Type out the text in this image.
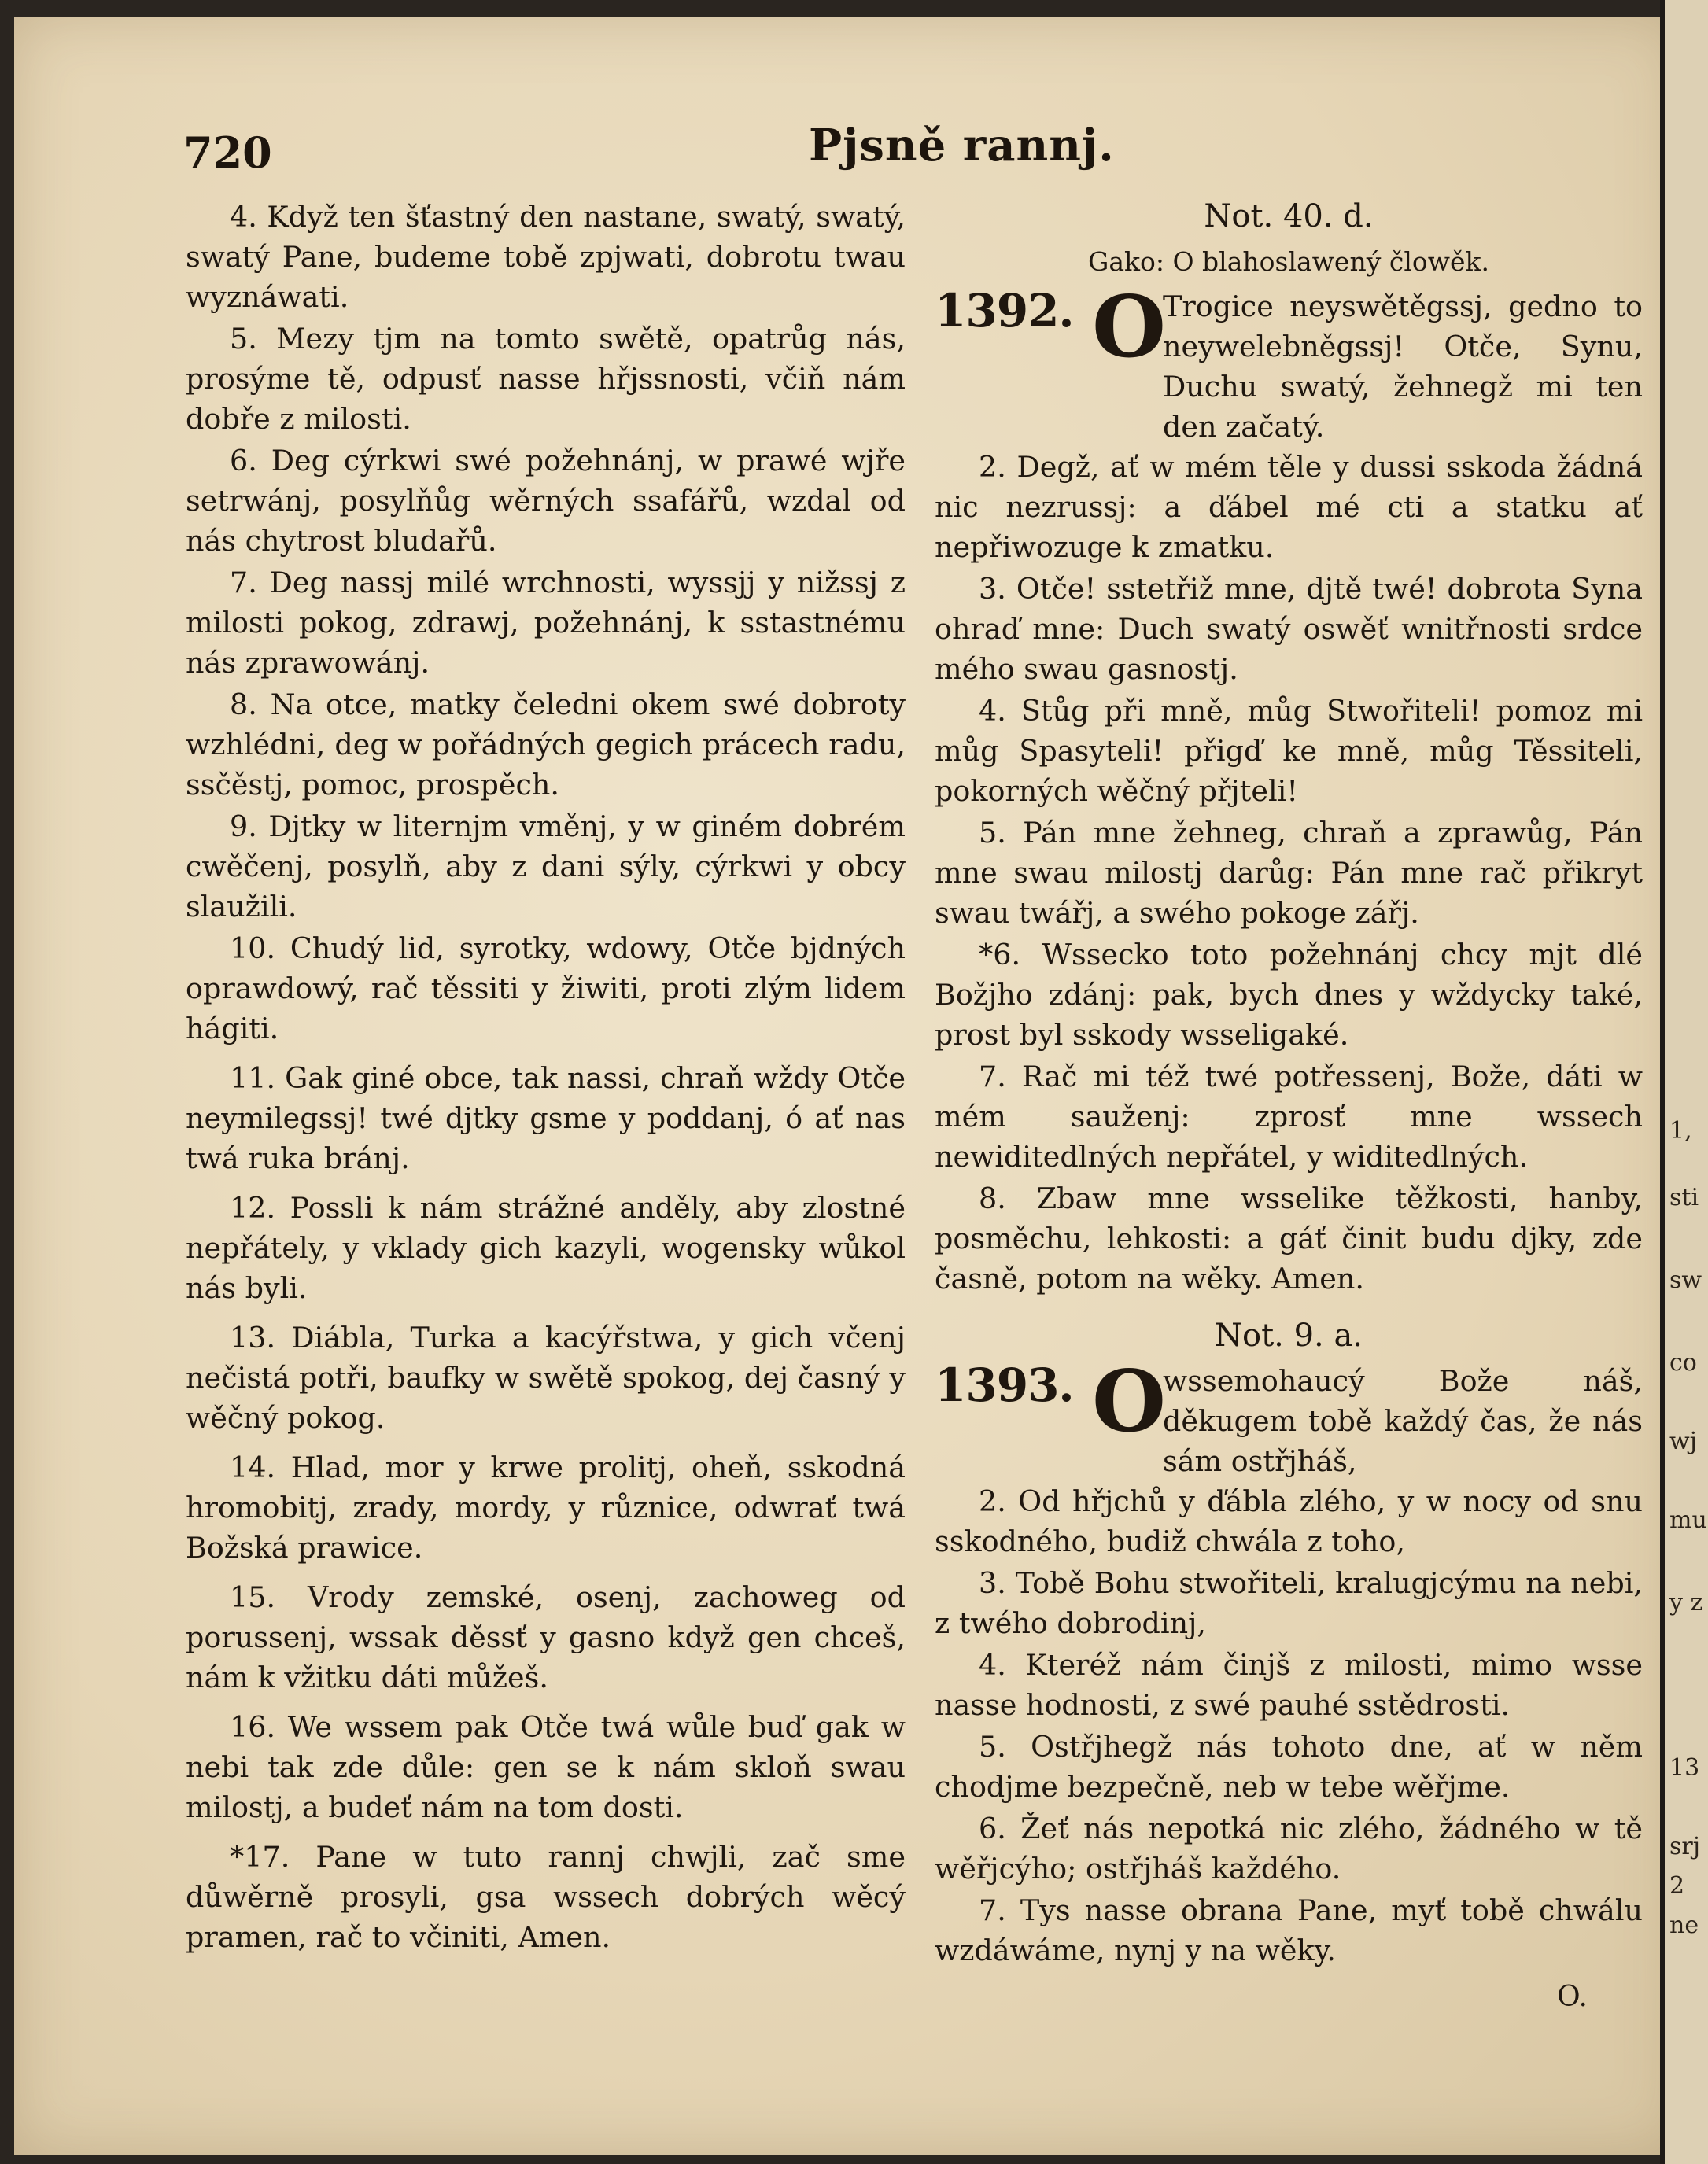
720	Pjsně rannj.

4. Když ten šťastný den nastane, swatý, swatý, swatý Pane, budeme tobě zpjwati, dobrotu twau wyznáwati.

5. Mezy tjm na tomto swětě, opatrůg nás, prosýme tě, odpusť nasse hřjssnosti, včiň nám dobře z milosti.

6. Deg cýrkwi swé požehnánj, w prawé wjře setrwánj, posylňůg wěrných ssafářů, wzdal od nás chytrost bludařů.

7. Deg nassj milé wrchnosti, wyssjj y nižssj z milosti pokog, zdrawj, požehnánj, k sstastnému nás zprawowánj.

8. Na otce, matky čeledni okem swé dobroty wzhlédni, deg w pořádných gegich prácech radu, ssčěstj, pomoc, prospěch.

9. Djtky w liternjm vměnj, y w giném dobrém cwěčenj, posylň, aby z dani sýly, cýrkwi y obcy slaužili.

10. Chudý lid, syrotky, wdowy, Otče bjdných oprawdowý, rač těssiti y žiwiti, proti zlým lidem hágiti.

11. Gak giné obce, tak nassi, chraň wždy Otče neymilegssj! twé djtky gsme y poddanj, ó ať nas twá ruka bránj.

12. Possli k nám strážné anděly, aby zlostné nepřátely, y vklady gich kazyli, wogensky wůkol nás byli.

13. Diábla, Turka a kacýřstwa, y gich včenj nečistá potři, baufky w swětě spokog, dej časný y wěčný pokog.

14. Hlad, mor y krwe prolitj, oheň, sskodná hromobitj, zrady, mordy, y různice, odwrať twá Božská prawice.

15. Vrody zemské, osenj, zachoweg od porussenj, wssak děssť y gasno když gen chceš, nám k vžitku dáti můžeš.

16. We wssem pak Otče twá wůle buď gak w nebi tak zde důle: gen se k nám skloň swau milostj, a budeť nám na tom dosti.

*17. Pane w tuto rannj chwjli, zač sme důwěrně prosyli, gsa wssech dobrých wěcý pramen, rač to včiniti, Amen.

Not. 40. d.

Gako: O blahoslawený člowěk.

1392. O

Trogice neyswětěgssj, gedno to neywelebněgssj! Otče, Synu, Duchu swatý, žehnegž mi ten den začatý.

2. Degž, ať w mém těle y dussi sskoda žádná nic nezrussj: a ďábel mé cti a statku ať nepřiwozuge k zmatku.

3. Otče! sstetřiž mne, djtě twé! dobrota Syna ohraď mne: Duch swatý oswěť wnitřnosti srdce mého swau gasnostj.

4. Stůg při mně, můg Stwořiteli! pomoz mi můg Spasyteli! přigď ke mně, můg Těssiteli, pokorných wěčný přjteli!

5. Pán mne žehneg, chraň a zprawůg, Pán mne swau milostj darůg: Pán mne rač přikryt swau twářj, a swého pokoge zářj.

*6. Wssecko toto požehnánj chcy mjt dlé Božjho zdánj: pak, bych dnes y wždycky také, prost byl sskody wsseligaké.

7. Rač mi též twé potřessenj, Bože, dáti w mém sauženj: zprosť mne wssech newiditedlných nepřátel, y widitedlných.

8. Zbaw mne wsselike těžkosti, hanby, posměchu, lehkosti: a gáť činit budu djky, zde časně, potom na wěky. Amen.

Not. 9. a.

1393. O

wssemohaucý Bože náš, děkugem tobě každý čas, že nás sám ostřjháš,

2. Od hřjchů y ďábla zlého, y w nocy od snu sskodného, budiž chwála z toho,

3. Tobě Bohu stwořiteli, kralugjcýmu na nebi, z twého dobrodinj,

4. Kteréž nám činjš z milosti, mimo wsse nasse hodnosti, z swé pauhé sstědrosti.

5. Ostřjhegž nás tohoto dne, ať w něm chodjme bezpečně, neb w tebe wěřjme.

6. Žeť nás nepotká nic zlého, žádného w tě wěřjcýho; ostřjháš každého.

7. Tys nasse obrana Pane, myť tobě chwálu wzdáwáme, nynj y na wěky.

O.

1,
sti
sw
co
wj
mu
y z
13
srj
2
ne
